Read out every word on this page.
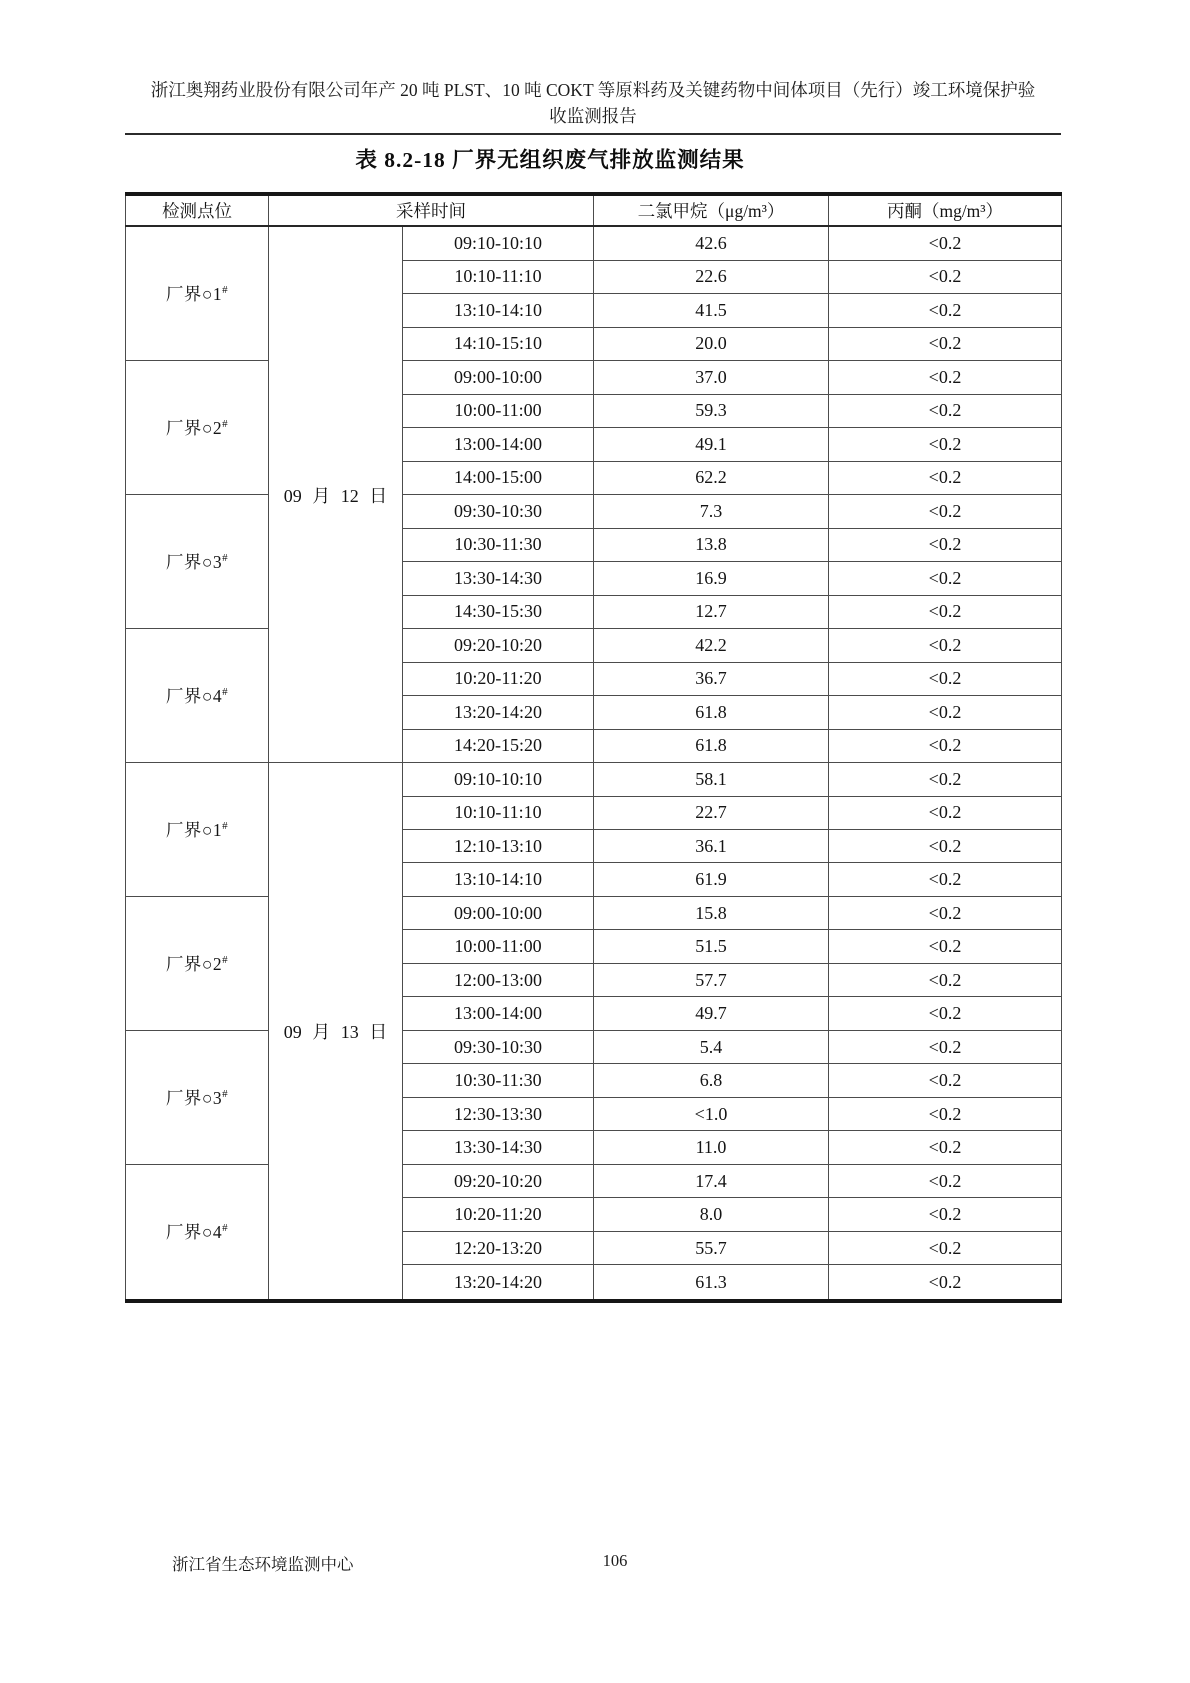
浙江奥翔药业股份有限公司年产 20 吨 PLST、10 吨 COKT 等原料药及关键药物中间体项目（先行）竣工环境保护验
收监测报告
表 8.2-18 厂界无组织废气排放监测结果
检测点位	采样时间		二氯甲烷（μg/m³）	丙酮（mg/m³）
厂界○1#	09 月 12 日	09:10-10:10	42.6	<0.2
		10:10-11:10	22.6	<0.2
		13:10-14:10	41.5	<0.2
		14:10-15:10	20.0	<0.2
厂界○2#		09:00-10:00	37.0	<0.2
		10:00-11:00	59.3	<0.2
		13:00-14:00	49.1	<0.2
		14:00-15:00	62.2	<0.2
厂界○3#		09:30-10:30	7.3	<0.2
		10:30-11:30	13.8	<0.2
		13:30-14:30	16.9	<0.2
		14:30-15:30	12.7	<0.2
厂界○4#		09:20-10:20	42.2	<0.2
		10:20-11:20	36.7	<0.2
		13:20-14:20	61.8	<0.2
		14:20-15:20	61.8	<0.2
厂界○1#	09 月 13 日	09:10-10:10	58.1	<0.2
		10:10-11:10	22.7	<0.2
		12:10-13:10	36.1	<0.2
		13:10-14:10	61.9	<0.2
厂界○2#		09:00-10:00	15.8	<0.2
		10:00-11:00	51.5	<0.2
		12:00-13:00	57.7	<0.2
		13:00-14:00	49.7	<0.2
厂界○3#		09:30-10:30	5.4	<0.2
		10:30-11:30	6.8	<0.2
		12:30-13:30	<1.0	<0.2
		13:30-14:30	11.0	<0.2
厂界○4#		09:20-10:20	17.4	<0.2
		10:20-11:20	8.0	<0.2
		12:20-13:20	55.7	<0.2
		13:20-14:20	61.3	<0.2
浙江省生态环境监测中心	106
